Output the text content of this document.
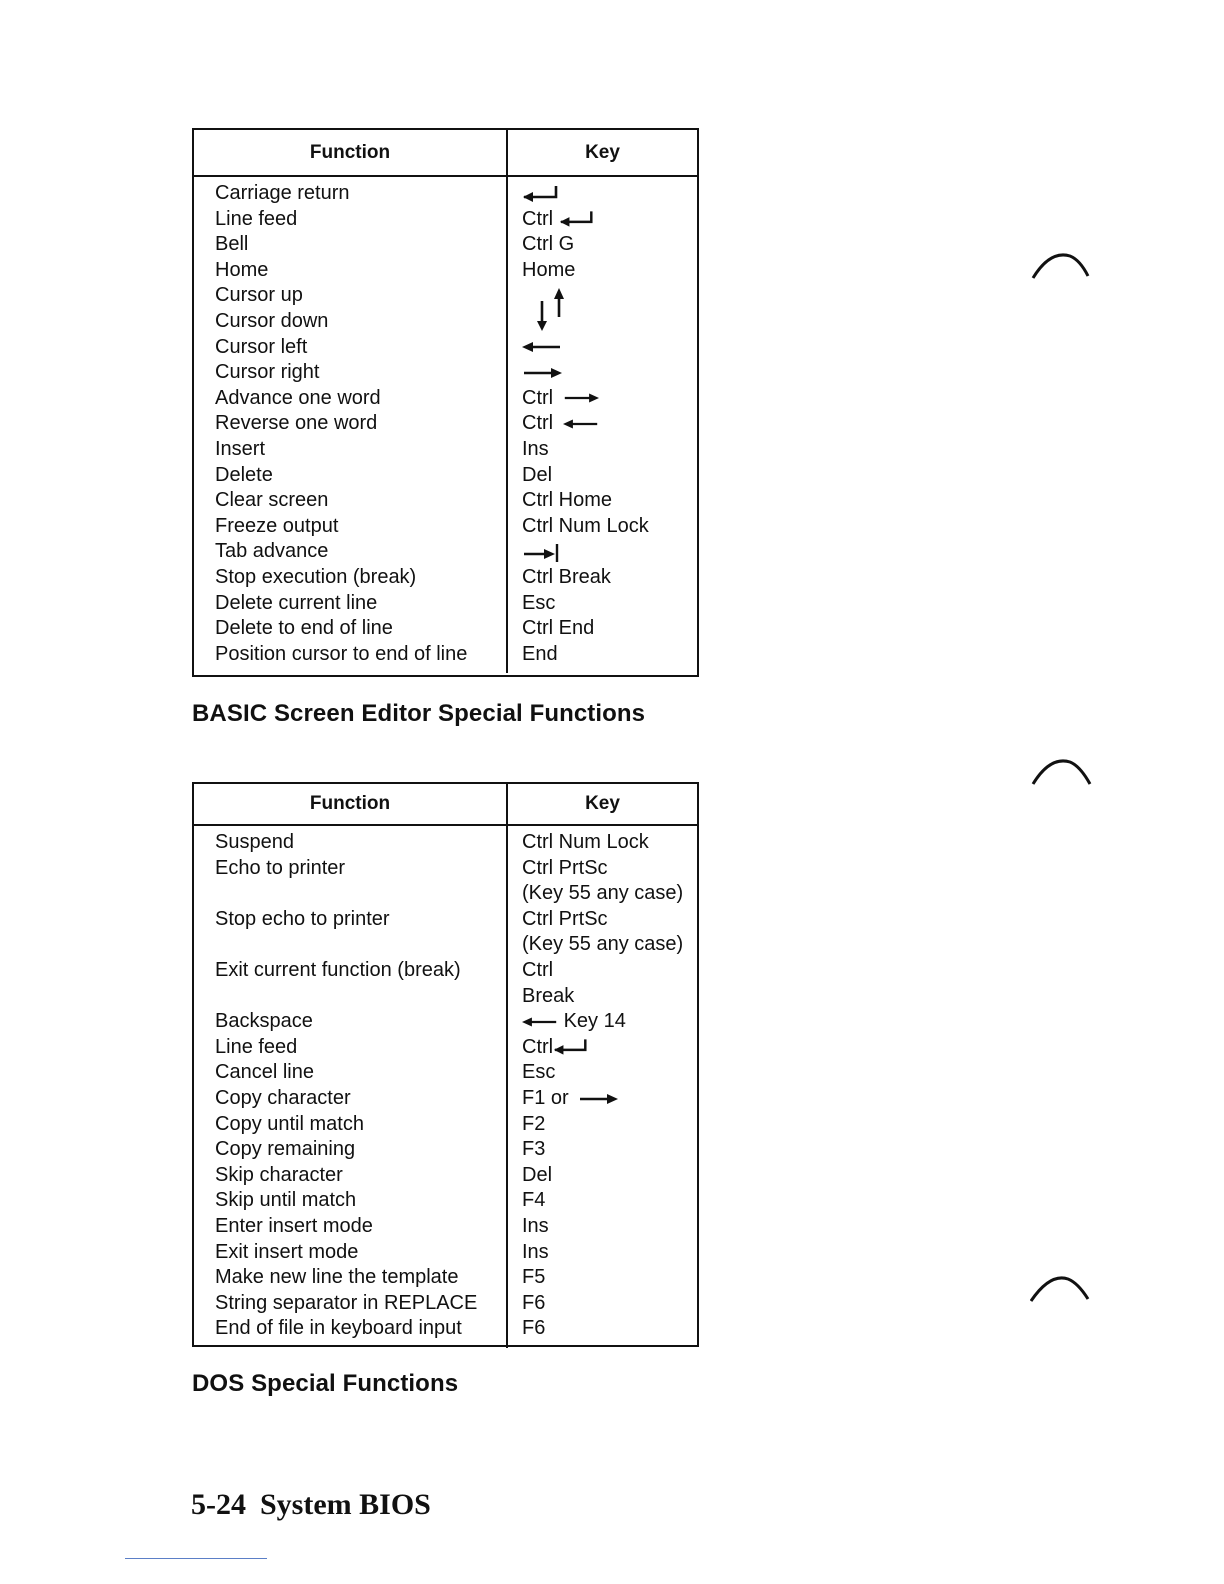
Function	Key
Carriage return
Line feed
Bell
Home
Cursor up
Cursor down
Cursor left
Cursor right
Advance one word
Reverse one word
Insert
Delete
Clear screen
Freeze output
Tab advance
Stop execution (break)
Delete current line
Delete to end of line
Position cursor to end of line
Ctrl
Ctrl G
Home
Ctrl
Ctrl
Ins
Del
Ctrl Home
Ctrl Num Lock
Ctrl Break
Esc
Ctrl End
End
BASIC Screen Editor Special Functions
Function	Key
Suspend
Echo to printer
Stop echo to printer
Exit current function (break)
Backspace
Line feed
Cancel line
Copy character
Copy until match
Copy remaining
Skip character
Skip until match
Enter insert mode
Exit insert mode
Make new line the template
String separator in REPLACE
End of file in keyboard input
Ctrl Num Lock
Ctrl PrtSc
(Key 55 any case)
Ctrl PrtSc
(Key 55 any case)
Ctrl
Break
Key 14
Ctrl
Esc
F1 or
F2
F3
Del
F4
Ins
Ins
F5
F6
F6
DOS Special Functions
5-24 System BIOS
